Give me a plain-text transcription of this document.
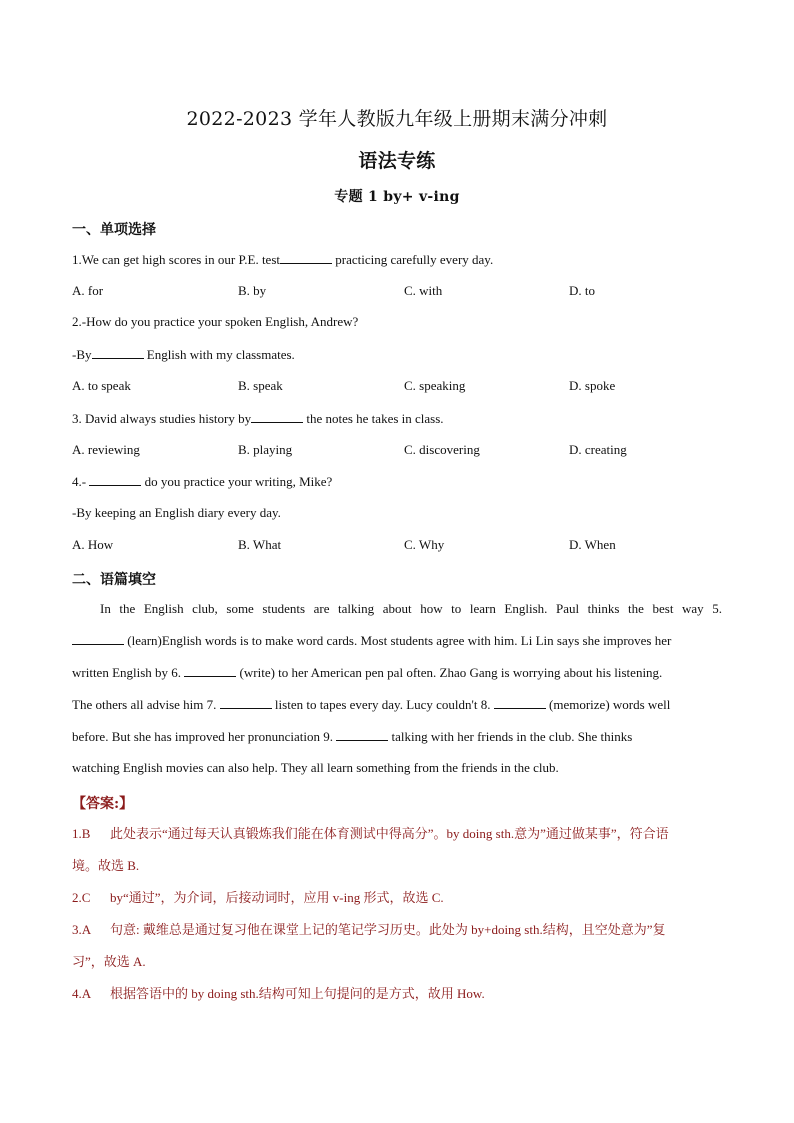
2022-2023 学年人教版九年级上册期末满分冲刺
语法专练
专题 1 by+ v-ing
一、单项选择
1.We can get high scores in our P.E. test	practicing carefully every day.
A. for	B. by	C. with	D. to
2.-How do you practice your spoken English, Andrew?
-By	English with my classmates.
A. to speak	B. speak	C. speaking	D. spoke
3. David always studies history by	the notes he takes in class.
A. reviewing	B. playing	C. discovering	D. creating
4.-	do you practice your writing, Mike?
-By keeping an English diary every day.
A. How	B. What	C. Why	D. When
二、语篇填空
In the English club, some students are talking about how to learn English. Paul thinks the best way 5.
(learn)English words is to make word cards. Most students agree with him. Li Lin says she improves her
written English by 6.	(write) to her American pen pal often. Zhao Gang is worrying about his listening.
The others all advise him 7.	listen to tapes every day. Lucy couldn't 8.	(memorize) words well
before. But she has improved her pronunciation 9.	talking with her friends in the club. She thinks
watching English movies can also help. They all learn something from the friends in the club.
【答案:】
1.B 此处表示“通过每天认真锻炼我们能在体育测试中得高分”。by doing sth.意为”通过做某事”，符合语
境。故选 B.
2.C by“通过”，为介词，后接动词时，应用 v-ing 形式，故选 C.
3.A 句意: 戴维总是通过复习他在课堂上记的笔记学习历史。此处为 by+doing sth.结构，且空处意为”复
习”，故选 A.
4.A 根据答语中的 by doing sth.结构可知上句提问的是方式，故用 How.
